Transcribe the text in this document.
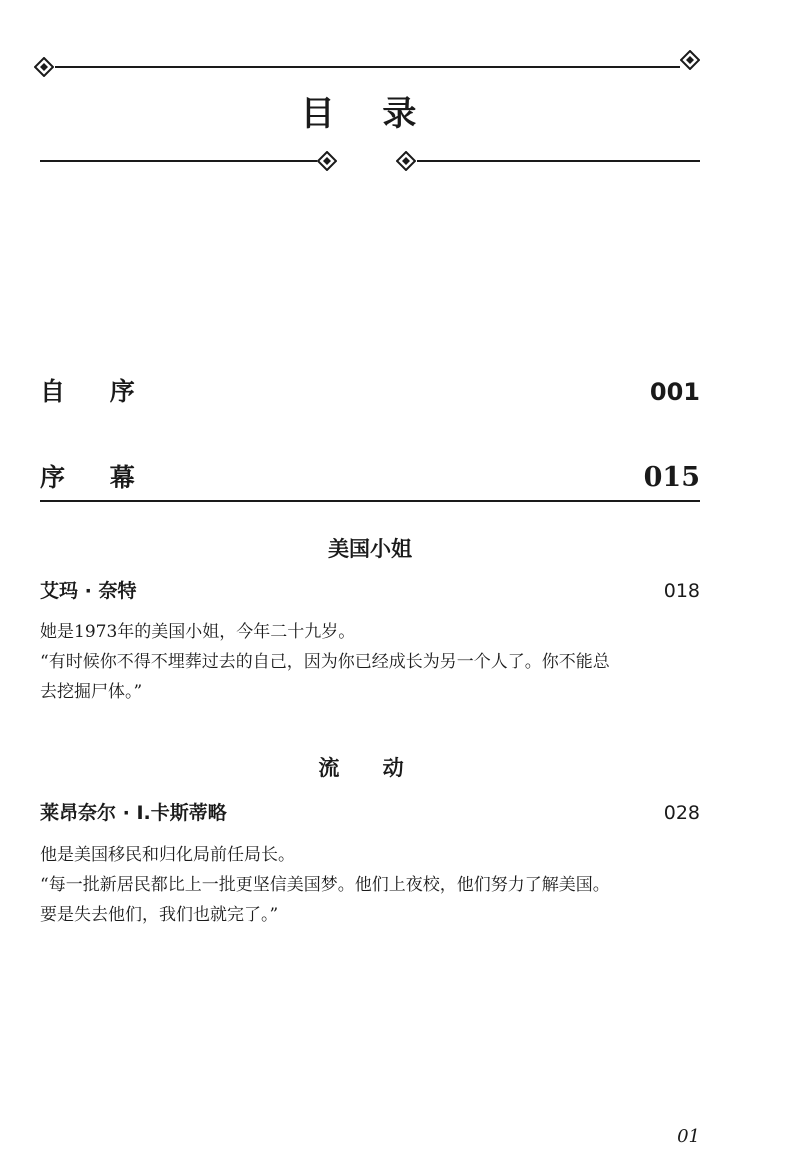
目 录
自 序	001
序 幕	015
美国小姐
艾玛 · 奈特	018
她是1973年的美国小姐，今年二十九岁。
“有时候你不得不埋葬过去的自己，因为你已经成长为另一个人了。你不能总
去挖掘尸体。”
流 动
莱昂奈尔 · I.卡斯蒂略	028
他是美国移民和归化局前任局长。
“每一批新居民都比上一批更坚信美国梦。他们上夜校，他们努力了解美国。
要是失去他们，我们也就完了。”
01
